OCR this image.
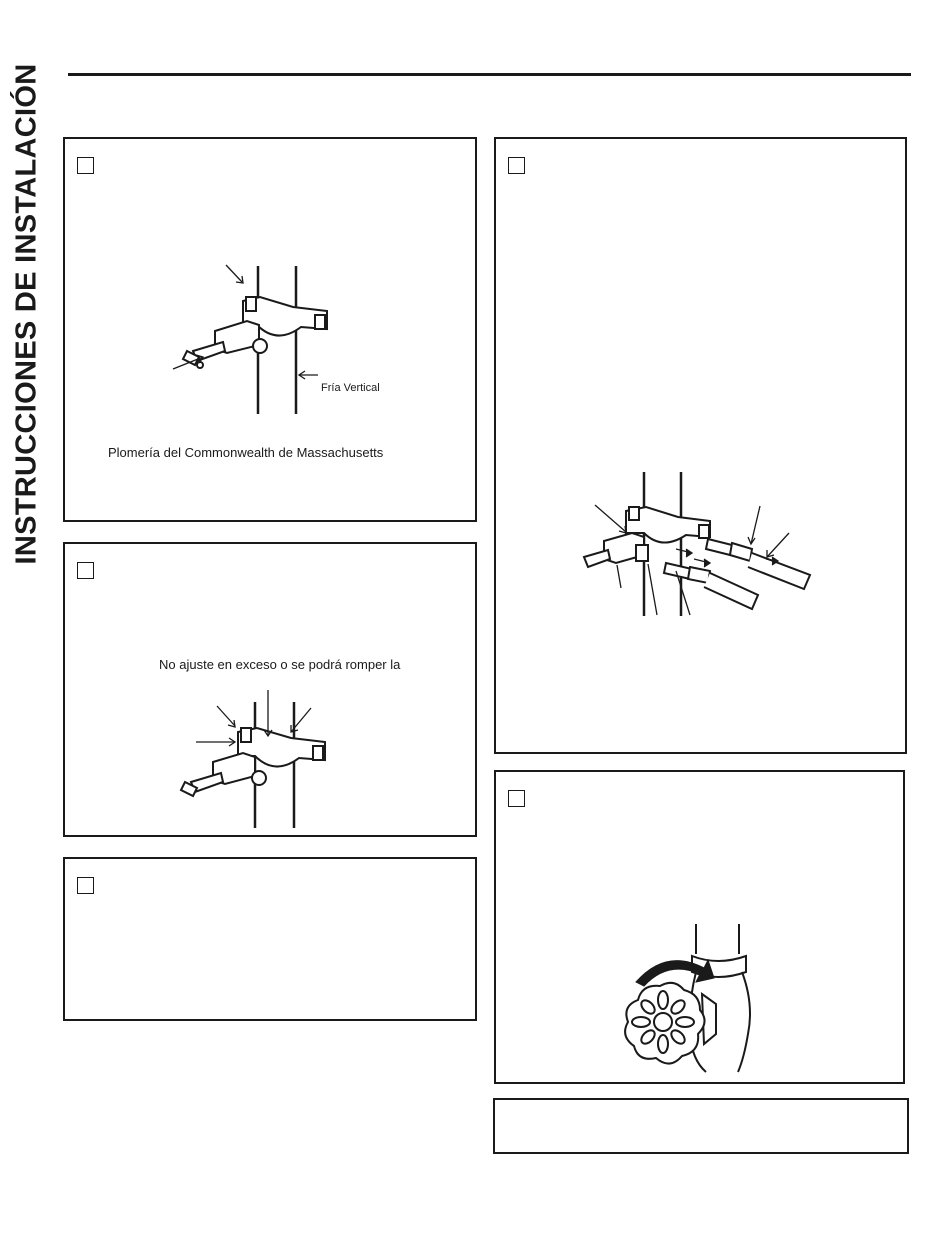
INSTRUCCIONES DE INSTALACIÓN	Fría Vertical
Plomería del Commonwealth de Massachusetts
No ajuste en exceso o se podrá romper la
